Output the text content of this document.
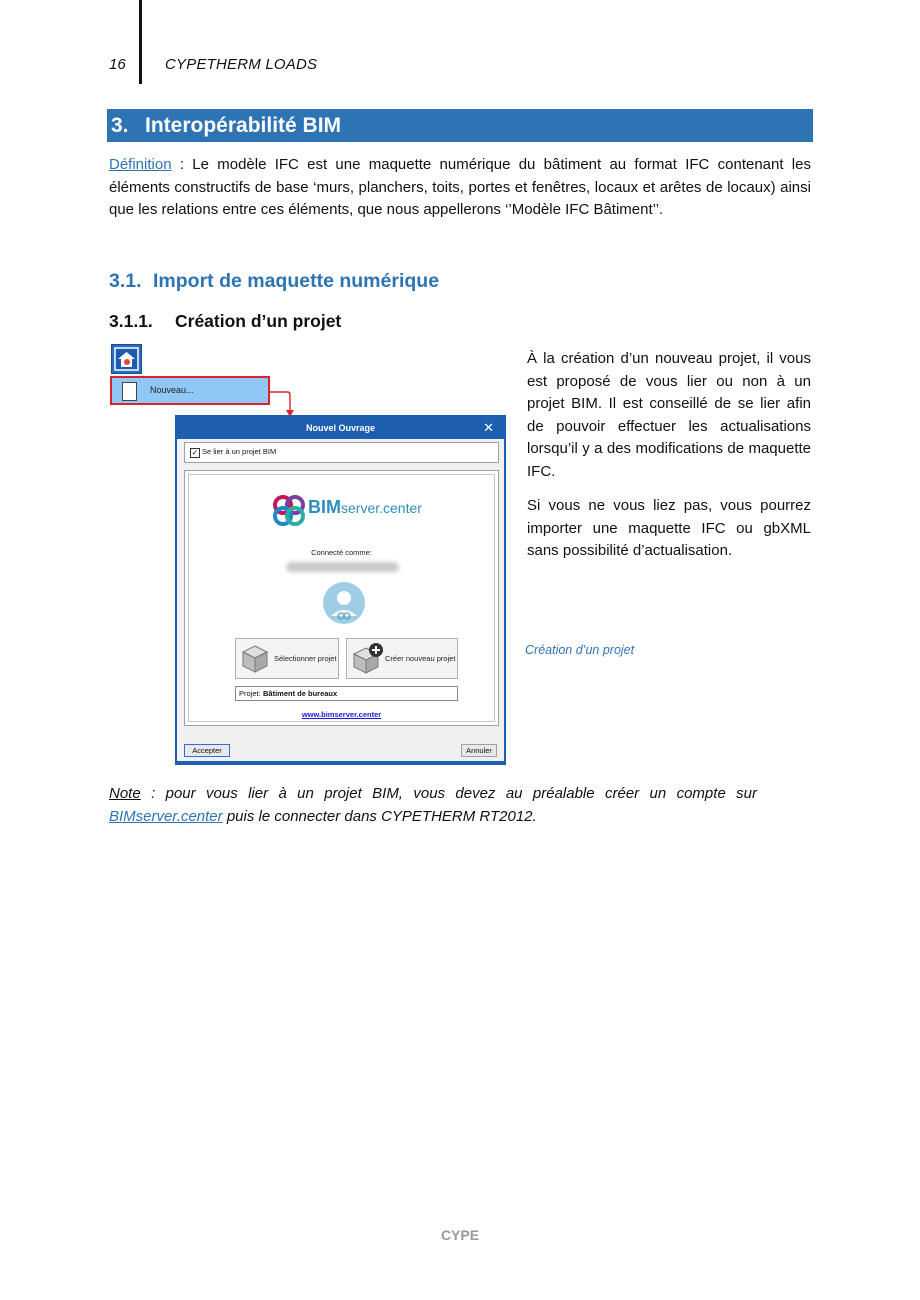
16	CYPETHERM LOADS
3. Interopérabilité BIM
Définition : Le modèle IFC est une maquette numérique du bâtiment au format IFC contenant les éléments constructifs de base ‘murs, planchers, toits, portes et fenêtres, locaux et arêtes de locaux) ainsi que les relations entre ces éléments, que nous appellerons ‘’Modèle IFC Bâtiment’’.
3.1. Import de maquette numérique
3.1.1. Création d’un projet
Nouveau...
Nouvel Ouvrage	✕
✓ Se lier à un projet BIM
BIMserver.center
Connecté comme:
Sélectionner projet	Créer nouveau projet
Projet: Bâtiment de bureaux
www.bimserver.center
Accepter	Annuler

À la création d’un nouveau projet, il vous est proposé de vous lier ou non à un projet BIM. Il est conseillé de se lier afin de pouvoir effectuer les actualisations lorsqu’il y a des modifications de maquette IFC.

Si vous ne vous liez pas, vous pourrez importer une maquette IFC ou gbXML sans possibilité d’actualisation.

Création d’un projet
Note : pour vous lier à un projet BIM, vous devez au préalable créer un compte sur BIMserver.center puis le connecter dans CYPETHERM RT2012.
CYPE
